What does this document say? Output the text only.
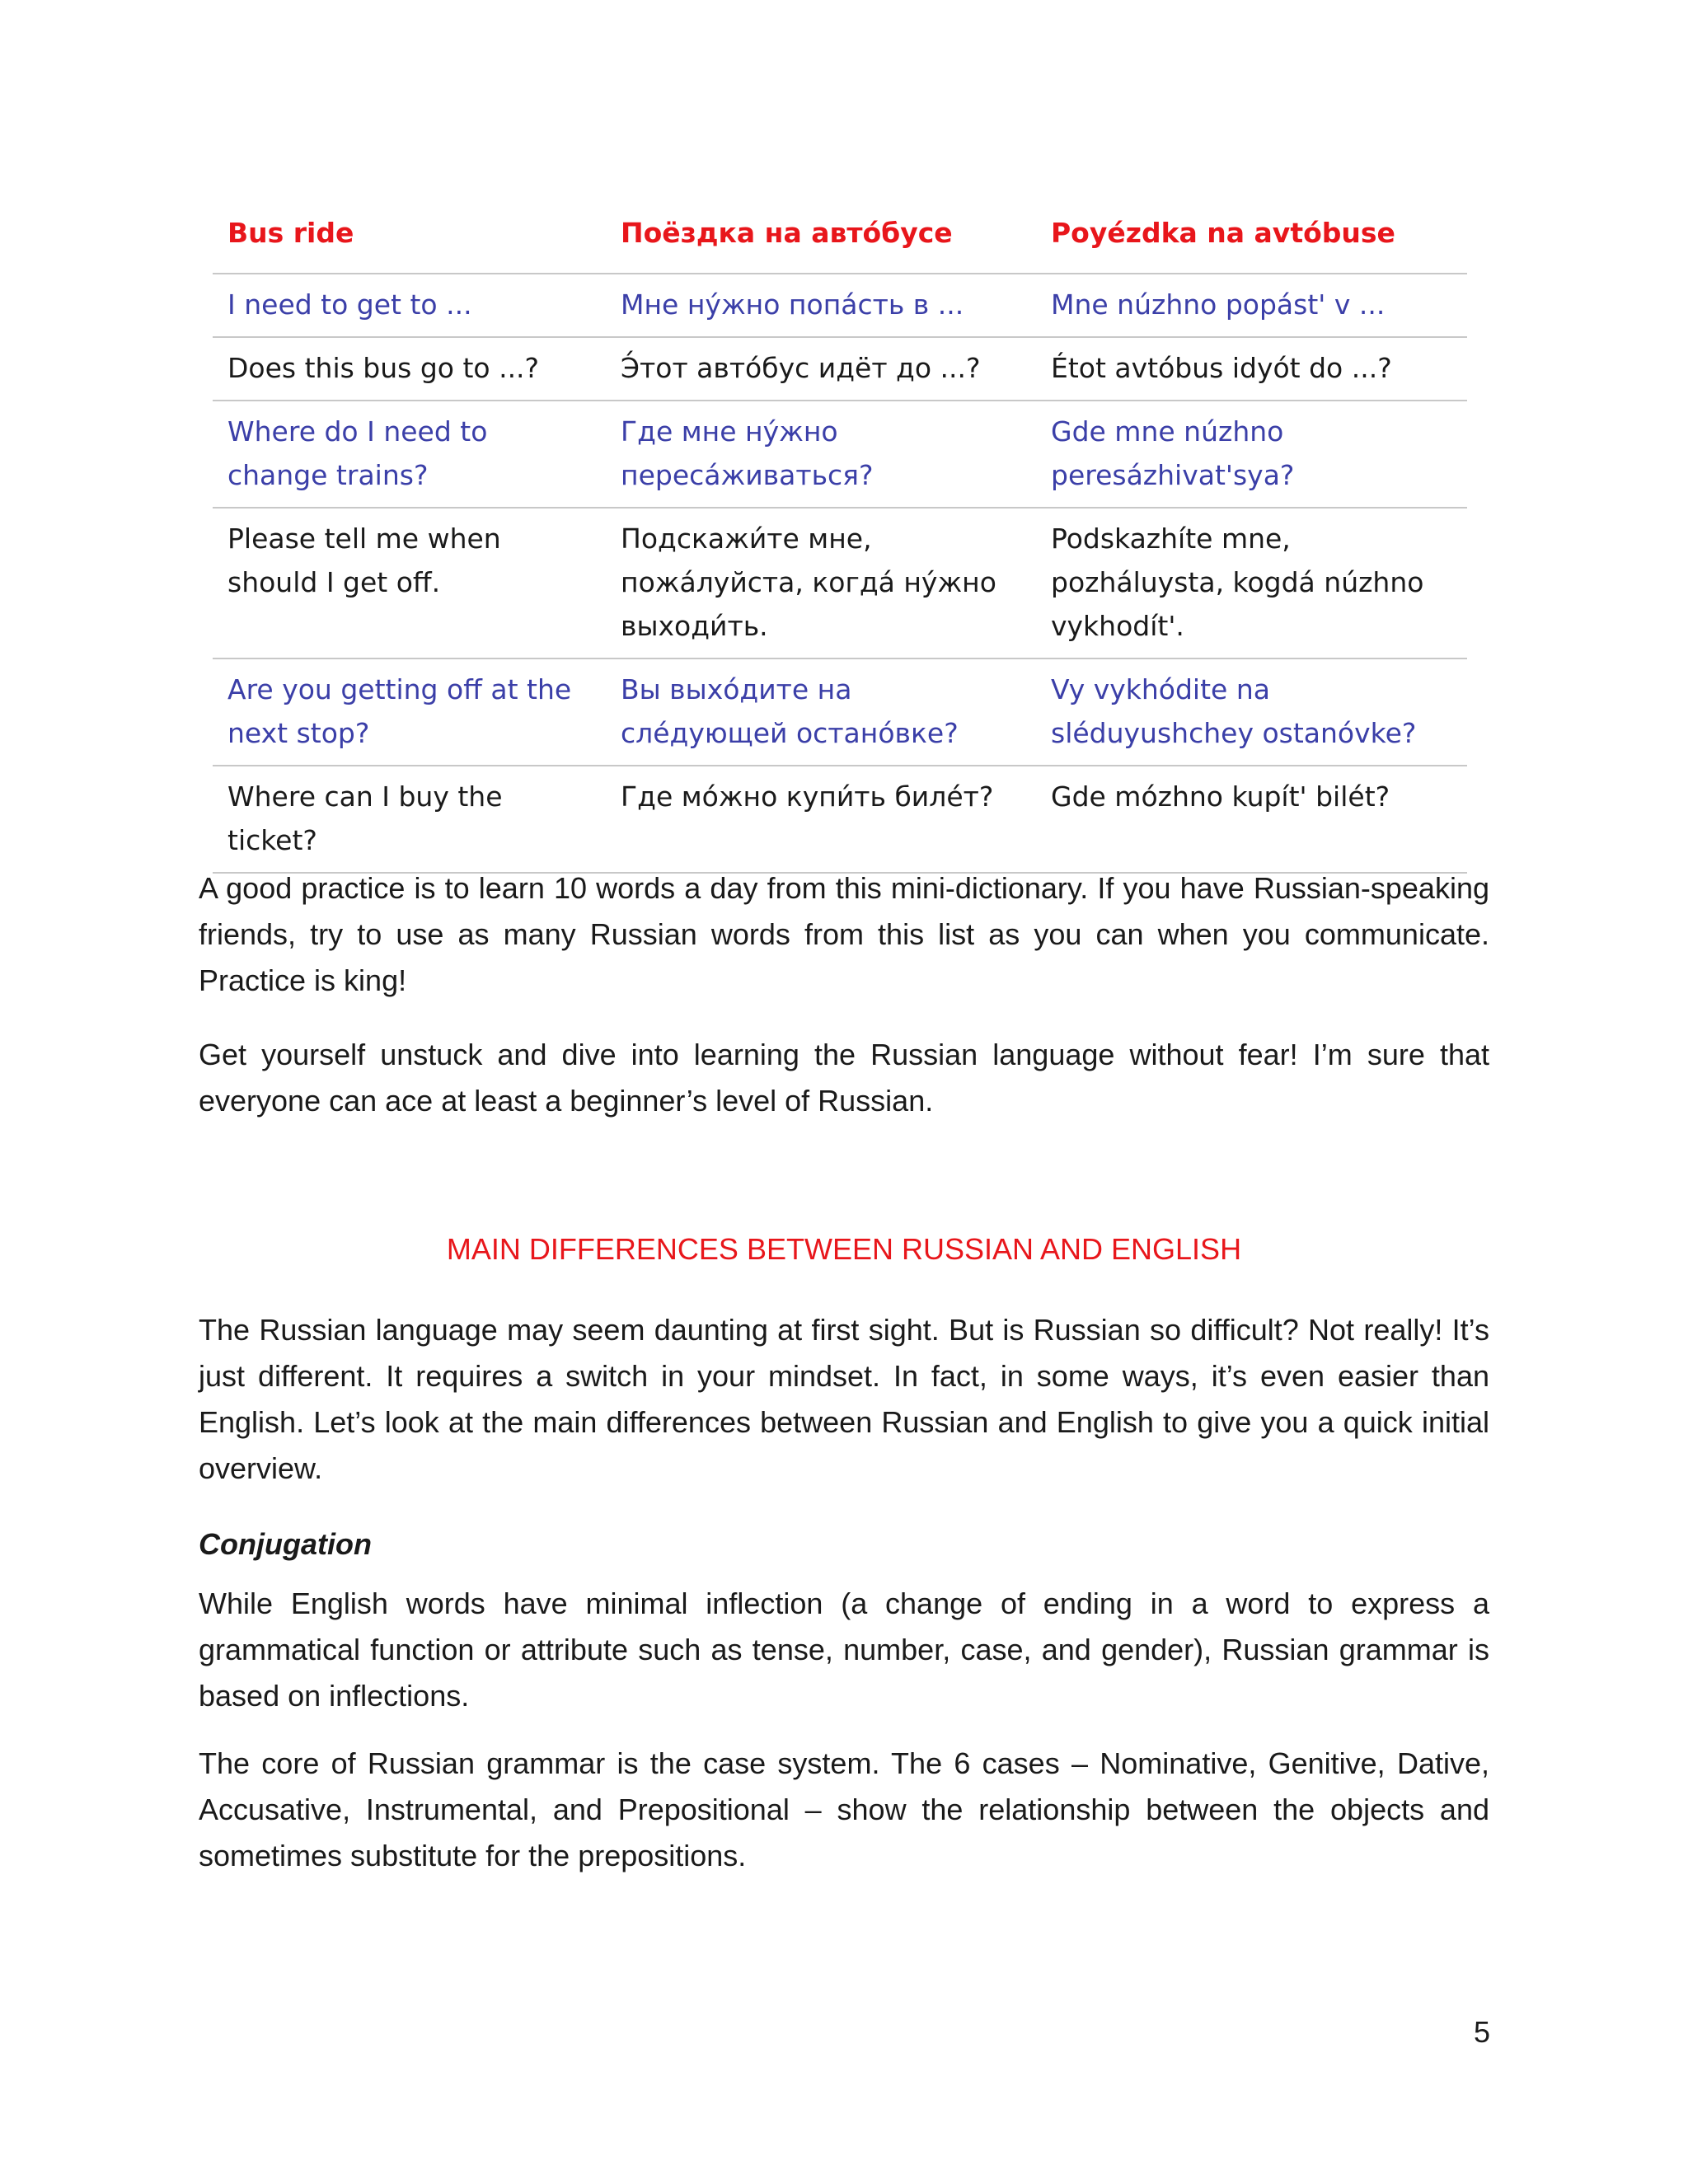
Bus ride	Поёздка на автóбусе	Poyézdka na avtóbuse
I need to get to ...	Мне нýжно попáсть в ...	Mne núzhno popást' v ...
Does this bus go to ...?	Э́тот автóбус идёт до ...?	Étot avtóbus idyót do ...?
Where do I need to change trains?	Где мне нýжно пересáживаться?	Gde mne núzhno peresázhivat'sya?
Please tell me when should I get off.	Подскажи́те мне, пожáлуйста, когдá нýжно выходи́ть.	Podskazhíte mne, pozháluysta, kogdá núzhno vykhodít'.
Are you getting off at the next stop?	Вы выхóдите на слéдующей останóвке?	Vy vykhódite na sléduyushchey ostanóvke?
Where can I buy the ticket?	Где мóжно купи́ть билéт?	Gde mózhno kupít' bilét?

A good practice is to learn 10 words a day from this mini-dictionary. If you have Russian-speaking friends, try to use as many Russian words from this list as you can when you communicate. Practice is king!

Get yourself unstuck and dive into learning the Russian language without fear! I’m sure that everyone can ace at least a beginner’s level of Russian.

MAIN DIFFERENCES BETWEEN RUSSIAN AND ENGLISH

The Russian language may seem daunting at first sight. But is Russian so difficult? Not really! It’s just different. It requires a switch in your mindset. In fact, in some ways, it’s even easier than English. Let’s look at the main differences between Russian and English to give you a quick initial overview.

Conjugation

While English words have minimal inflection (a change of ending in a word to express a grammatical function or attribute such as tense, number, case, and gender), Russian grammar is based on inflections.

The core of Russian grammar is the case system. The 6 cases – Nominative, Genitive, Dative, Accusative, Instrumental, and Prepositional – show the relationship between the objects and sometimes substitute for the prepositions.

5
